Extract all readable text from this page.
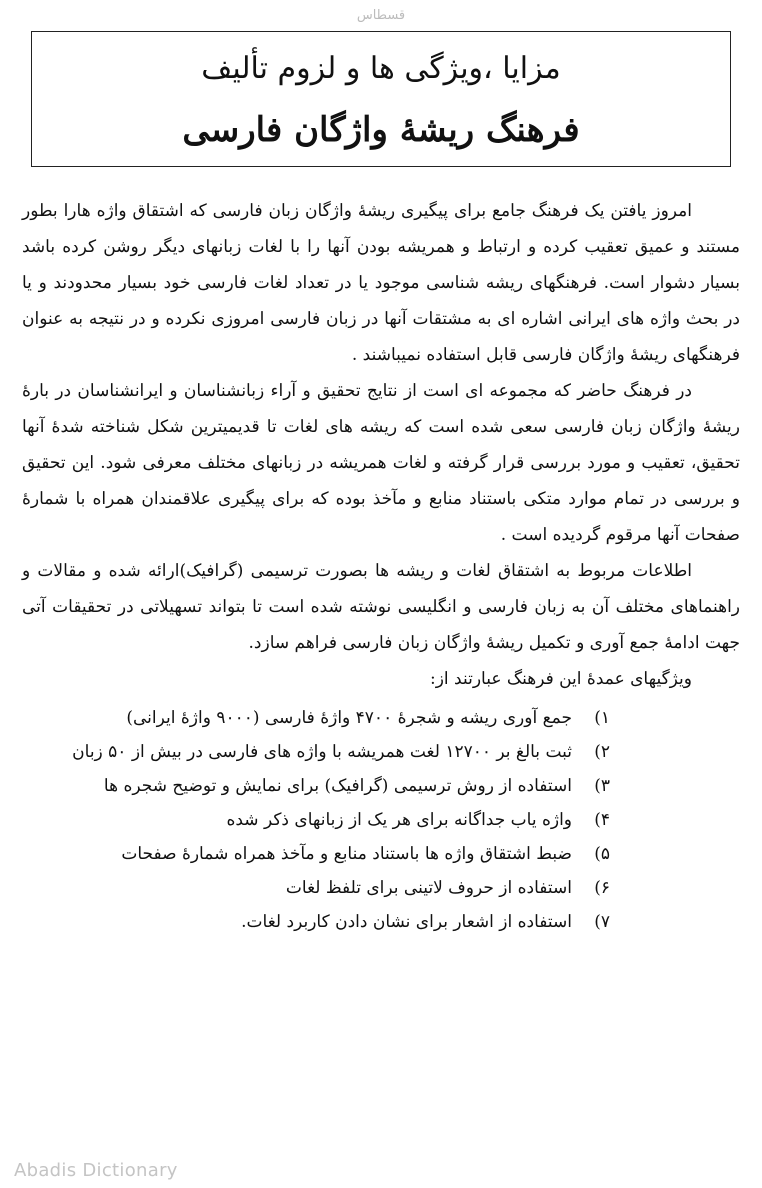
قسطاس
مزایا ،ویژگی ها و لزوم تألیف
فرهنگ ریشهٔ واژگان فارسی

امروز یافتن یک فرهنگ جامع برای پیگیری ریشهٔ واژگان زبان فارسی که اشتقاق واژه هارا بطور مستند و عمیق تعقیب کرده و ارتباط و همریشه بودن آنها را با لغات زبانهای دیگر روشن کرده باشد بسیار دشوار است. فرهنگهای ریشه شناسی موجود یا در تعداد لغات فارسی خود بسیار محدودند و یا در بحث واژه های ایرانی اشاره ای به مشتقات آنها در زبان فارسی امروزی نکرده و در نتیجه به عنوان فرهنگهای ریشهٔ واژگان فارسی قابل استفاده نمیباشند .

در فرهنگ حاضر که مجموعه ای است از نتایج تحقیق و آراء زبانشناسان و ایرانشناسان در بارهٔ ریشهٔ واژگان زبان فارسی سعی شده است که ریشه های لغات تا قدیمیترین شکل شناخته شدهٔ آنها تحقیق، تعقیب و مورد بررسی قرار گرفته و لغات همریشه در زبانهای مختلف معرفی شود. این تحقیق و بررسی در تمام موارد متکی باستناد منابع و مآخذ بوده که برای پیگیری علاقمندان همراه با شمارهٔ صفحات آنها مرقوم گردیده است .

اطلاعات مربوط به اشتقاق لغات و ریشه ها بصورت ترسیمی (گرافیک)ارائه شده و مقالات و راهنماهای مختلف آن به زبان فارسی و انگلیسی نوشته شده است تا بتواند تسهیلاتی در تحقیقات آتی جهت ادامهٔ جمع آوری و تکمیل ریشهٔ واژگان زبان فارسی فراهم سازد.

ویژگیهای عمدهٔ این فرهنگ عبارتند از:
۱)
جمع آوری ریشه و شجرهٔ ۴۷۰۰ واژهٔ فارسی (۹۰۰۰ واژهٔ ایرانی)
۲)
ثبت بالغ بر ۱۲۷۰۰ لغت همریشه با واژه های فارسی در بیش از ۵۰ زبان
۳)
استفاده از روش ترسیمی (گرافیک) برای نمایش و توضیح شجره ها
۴)
واژه یاب جداگانه برای هر یک از زبانهای ذکر شده
۵)
ضبط اشتقاق واژه ها باستناد منابع و مآخذ همراه شمارهٔ صفحات
۶)
استفاده از حروف لاتینی برای تلفظ لغات
۷)
استفاده از اشعار برای نشان دادن کاربرد لغات.
Abadis Dictionary
